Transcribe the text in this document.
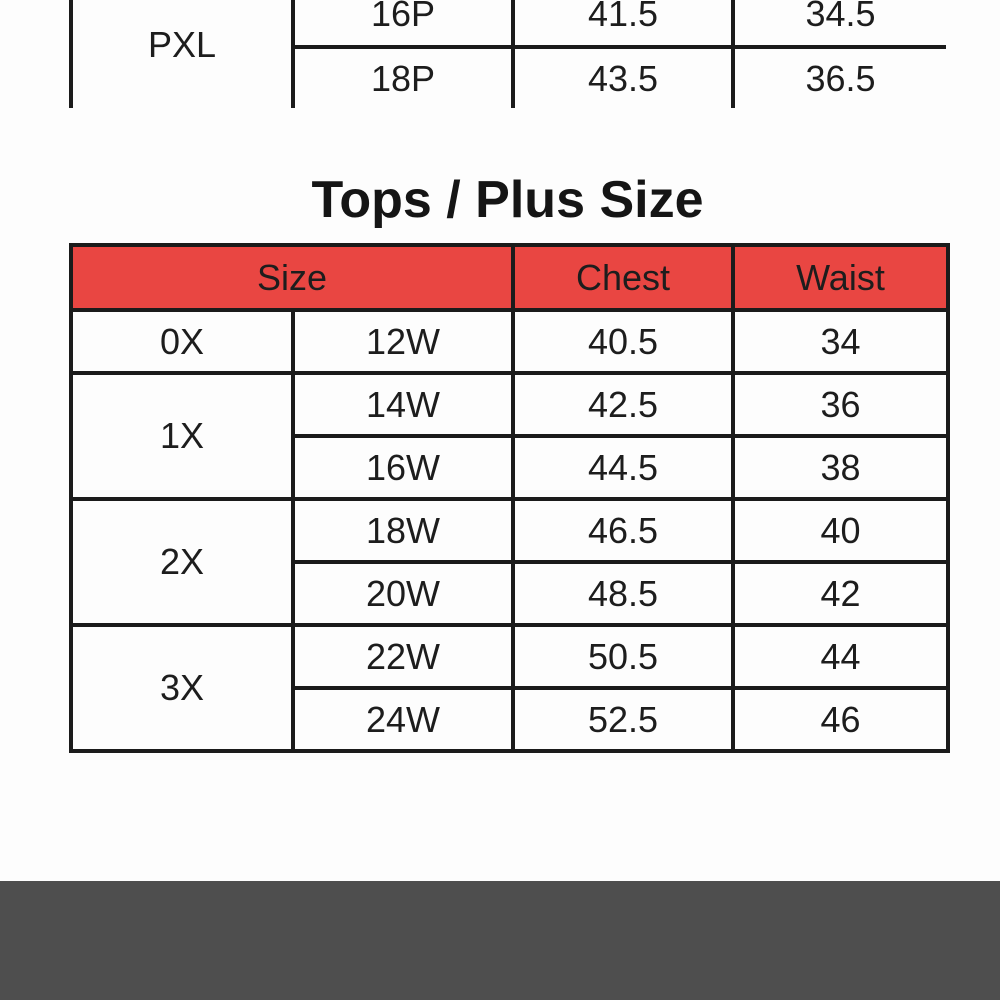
PXL	16P	41.5	34.5
	18P	43.5	36.5
Tops / Plus Size
Size		Chest	Waist
0X	12W	40.5	34
1X	14W	42.5	36
	16W	44.5	38
2X	18W	46.5	40
	20W	48.5	42
3X	22W	50.5	44
	24W	52.5	46
